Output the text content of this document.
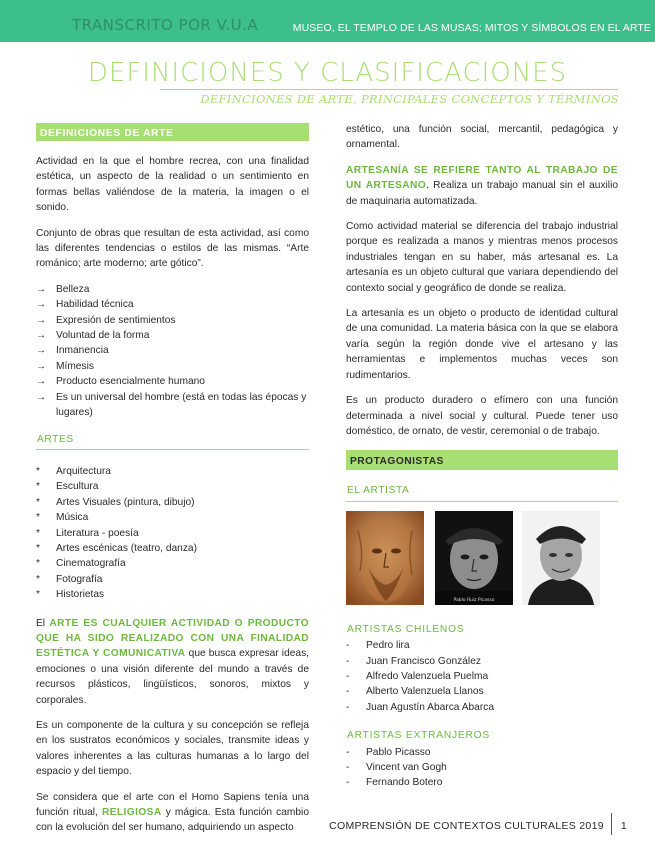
TRANSCRITO POR V.U.A	MUSEO, EL TEMPLO DE LAS MUSAS; MITOS Y SÍMBOLOS EN EL ARTE
DEFINICIONES Y CLASIFICACIONES
DEFINCIONES DE ARTE, PRINCIPALES CONCEPTOS Y TÉRMINOS
DEFINICIONES DE ARTE

Actividad en la que el hombre recrea, con una finalidad estética, un aspecto de la realidad o un sentimiento en formas bellas valiéndose de la materia, la imagen o el sonido.

Conjunto de obras que resultan de esta actividad, así como las diferentes tendencias o estilos de las mismas. “Arte románico; arte moderno; arte gótico”.

→ Belleza
→ Habilidad técnica
→ Expresión de sentimientos
→ Voluntad de la forma
→ Inmanencia
→ Mímesis
→ Producto esencialmente humano
→ Es un universal del hombre (está en todas las épocas y lugares)
ARTES
* Arquitectura
* Escultura
* Artes Visuales (pintura, dibujo)
* Música
* Literatura - poesía
* Artes escénicas (teatro, danza)
* Cinematografía
* Fotografía
* Historietas

El ARTE ES CUALQUIER ACTIVIDAD O PRODUCTO QUE HA SIDO REALIZADO CON UNA FINALIDAD ESTÉTICA Y COMUNICATIVA que busca expresar ideas, emociones o una visión diferente del mundo a través de recursos plásticos, lingüísticos, sonoros, mixtos y corporales.

Es un componente de la cultura y su concepción se refleja en los sustratos económicos y sociales, transmite ideas y valores inherentes a las culturas humanas a lo largo del espacio y del tiempo.

Se considera que el arte con el Homo Sapiens tenía una función ritual, RELIGIOSA y mágica. Esta función cambio con la evolución del ser humano, adquiriendo un aspecto

estético, una función social, mercantil, pedagógica y ornamental.

ARTESANÍA SE REFIERE TANTO AL TRABAJO DE UN ARTESANO. Realiza un trabajo manual sin el auxilio de maquinaria automatizada.

Como actividad material se diferencia del trabajo industrial porque es realizada a manos y mientras menos procesos industriales tengan en su haber, más artesanal es. La artesanía es un objeto cultural que variara dependiendo del contexto social y geográfico de donde se realiza.

La artesanía es un objeto o producto de identidad cultural de una comunidad. La materia básica con la que se elabora varía según la región donde vive el artesano y las herramientas e implementos muchas veces son rudimentarios.

Es un producto duradero o efímero con una función determinada a nivel social y cultural. Puede tener uso doméstico, de ornato, de vestir, ceremonial o de trabajo.

PROTAGONISTAS
EL ARTISTA
Pablo Ruiz Picasso
ARTISTAS CHILENOS
- Pedro lira
- Juan Francisco González
- Alfredo Valenzuela Puelma
- Alberto Valenzuela Llanos
- Juan Agustín Abarca Abarca
ARTISTAS EXTRANJEROS
- Pablo Picasso
- Vincent van Gogh
- Fernando Botero
COMPRENSIÓN DE CONTEXTOS CULTURALES 2019 1
